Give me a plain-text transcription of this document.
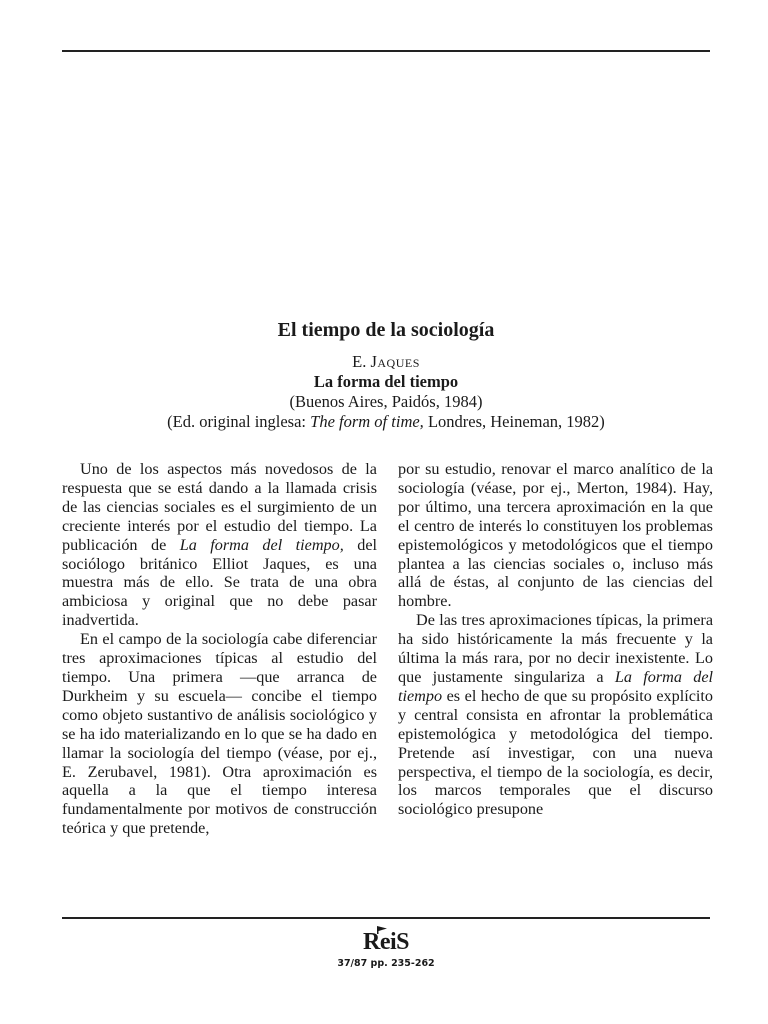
El tiempo de la sociología

E. Jaques

La forma del tiempo

(Buenos Aires, Paidós, 1984)

(Ed. original inglesa: The form of time, Londres, Heineman, 1982)

Uno de los aspectos más novedosos de la respuesta que se está dando a la llamada crisis de las ciencias sociales es el surgimiento de un creciente interés por el estudio del tiempo. La publicación de La forma del tiempo, del sociólogo británico Elliot Jaques, es una muestra más de ello. Se trata de una obra ambiciosa y original que no debe pasar inadvertida.

En el campo de la sociología cabe diferenciar tres aproximaciones típicas al estudio del tiempo. Una primera —que arranca de Durkheim y su escuela— concibe el tiempo como objeto sustantivo de análisis sociológico y se ha ido materializando en lo que se ha dado en llamar la sociología del tiempo (véase, por ej., E. Zerubavel, 1981). Otra aproximación es aquella a la que el tiempo interesa fundamentalmente por motivos de construcción teórica y que pretende,

por su estudio, renovar el marco analítico de la sociología (véase, por ej., Merton, 1984). Hay, por último, una tercera aproximación en la que el centro de interés lo constituyen los problemas epistemológicos y metodológicos que el tiempo plantea a las ciencias sociales o, incluso más allá de éstas, al conjunto de las ciencias del hombre.

De las tres aproximaciones típicas, la primera ha sido históricamente la más frecuente y la última la más rara, por no decir inexistente. Lo que justamente singulariza a La forma del tiempo es el hecho de que su propósito explícito y central consista en afrontar la problemática epistemológica y metodológica del tiempo. Pretende así investigar, con una nueva perspectiva, el tiempo de la sociología, es decir, los marcos temporales que el discurso sociológico presupone

ReiS
37/87 pp. 235-262
